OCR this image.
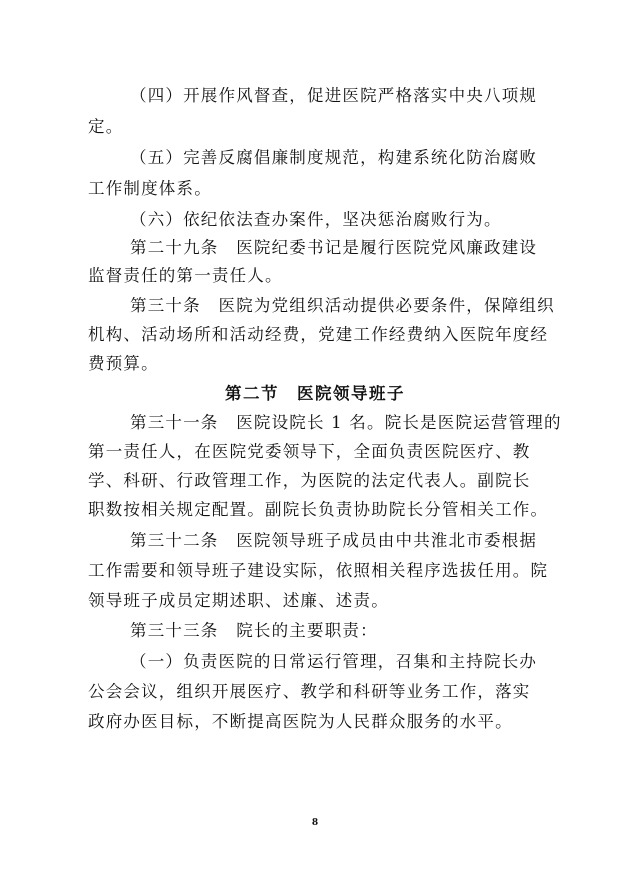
（四）开展作风督查，促进医院严格落实中央八项规
定。
（五）完善反腐倡廉制度规范，构建系统化防治腐败
工作制度体系。
（六）依纪依法查办案件，坚决惩治腐败行为。
第二十九条　医院纪委书记是履行医院党风廉政建设
监督责任的第一责任人。
第三十条　医院为党组织活动提供必要条件，保障组织
机构、活动场所和活动经费，党建工作经费纳入医院年度经
费预算。
第二节　医院领导班子
第三十一条　医院设院长 1 名。院长是医院运营管理的
第一责任人，在医院党委领导下，全面负责医院医疗、教
学、科研、行政管理工作，为医院的法定代表人。副院长
职数按相关规定配置。副院长负责协助院长分管相关工作。
第三十二条　医院领导班子成员由中共淮北市委根据
工作需要和领导班子建设实际，依照相关程序选拔任用。院
领导班子成员定期述职、述廉、述责。
第三十三条　院长的主要职责：
（一）负责医院的日常运行管理，召集和主持院长办
公会会议，组织开展医疗、教学和科研等业务工作，落实
政府办医目标，不断提高医院为人民群众服务的水平。
8
